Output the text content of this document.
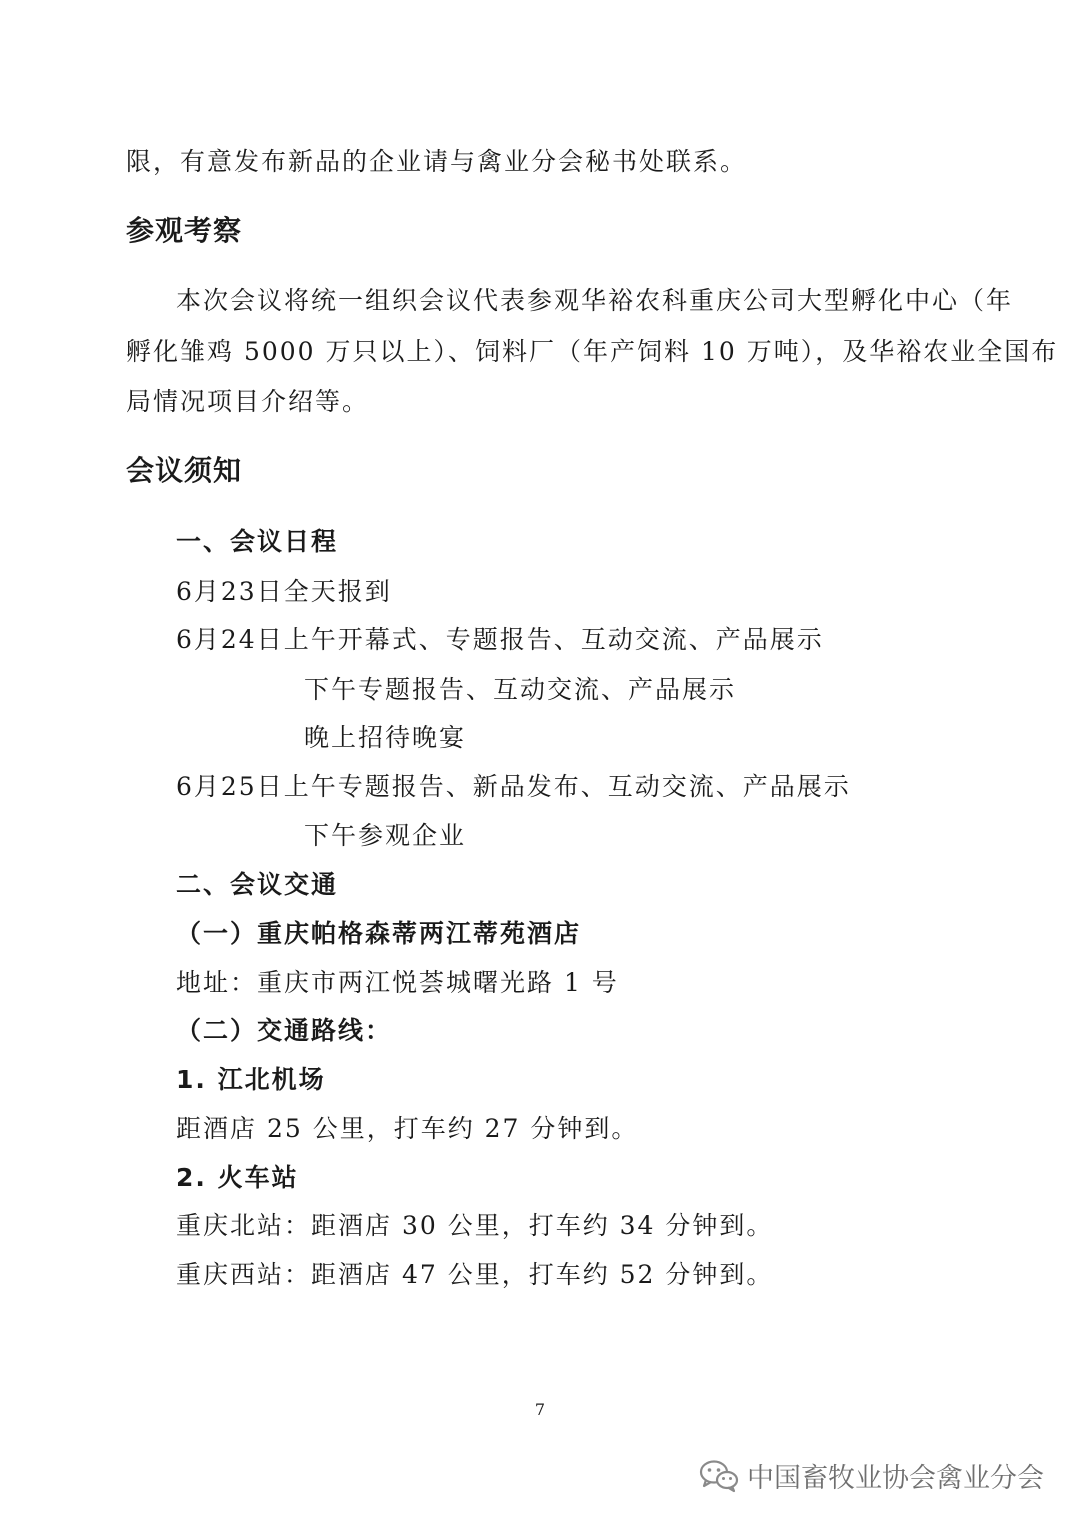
限，有意发布新品的企业请与禽业分会秘书处联系。
参观考察
本次会议将统一组织会议代表参观华裕农科重庆公司大型孵化中心（年
孵化雏鸡 5000 万只以上）、饲料厂（年产饲料 10 万吨），及华裕农业全国布
局情况项目介绍等。
会议须知
一、会议日程
6月23日全天报到
6月24日上午开幕式、专题报告、互动交流、产品展示
下午专题报告、互动交流、产品展示
晚上招待晚宴
6月25日上午专题报告、新品发布、互动交流、产品展示
下午参观企业
二、会议交通
（一）重庆帕格森蒂两江蒂苑酒店
地址：重庆市两江悦荟城曙光路 1 号
（二）交通路线：
1. 江北机场
距酒店 25 公里，打车约 27 分钟到。
2. 火车站
重庆北站：距酒店 30 公里，打车约 34 分钟到。
重庆西站：距酒店 47 公里，打车约 52 分钟到。
7
中国畜牧业协会禽业分会
